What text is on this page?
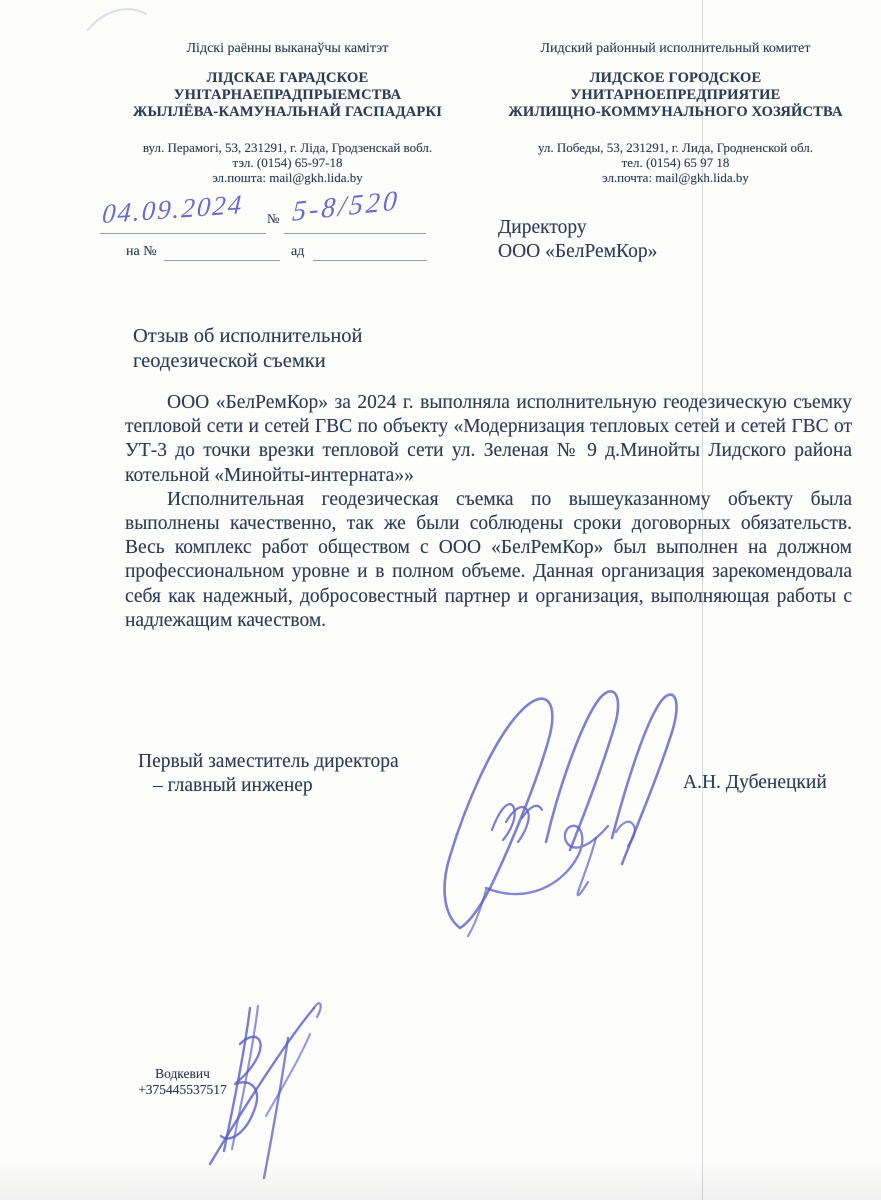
Лідскі раённы выканаўчы камітэт
ЛІДСКАЕ ГАРАДСКОЕ
УНІТАРНАЕПРАДПРЫЕМСТВА
ЖЫЛЛЁВА-КАМУНАЛЬНАЙ ГАСПАДАРКІ
вул. Перамогі, 53, 231291, г. Ліда, Гродзенскай вобл.
тэл. (0154) 65-97-18
эл.пошта: mail@gkh.lida.by
Лидский районный исполнительный комитет
ЛИДСКОЕ ГОРОДСКОЕ
УНИТАРНОЕПРЕДПРИЯТИЕ
ЖИЛИЩНО-КОММУНАЛЬНОГО ХОЗЯЙСТВА
ул. Победы, 53, 231291, г. Лида, Гродненской обл.
тел. (0154) 65 97 18
эл.почта: mail@gkh.lida.by
04.09.2024 № 5-8/520
на №	ад
Директору
ООО «БелРемКор»
Отзыв об исполнительной
геодезической съемки

ООО «БелРемКор» за 2024 г. выполняла исполнительную геодезическую съемку тепловой сети и сетей ГВС по объекту «Модернизация тепловых сетей и сетей ГВС от УТ-3 до точки врезки тепловой сети ул. Зеленая № 9 д.Минойты Лидского района котельной «Минойты-интерната»»

Исполнительная геодезическая съемка по вышеуказанному объекту была выполнены качественно, так же были соблюдены сроки договорных обязательств. Весь комплекс работ обществом с ООО «БелРемКор» был выполнен на должном профессиональном уровне и в полном объеме. Данная организация зарекомендовала себя как надежный, добросовестный партнер и организация, выполняющая работы с надлежащим качеством.

Первый заместитель директора
– главный инженер	А.Н. Дубенецкий
Водкевич
+375445537517
